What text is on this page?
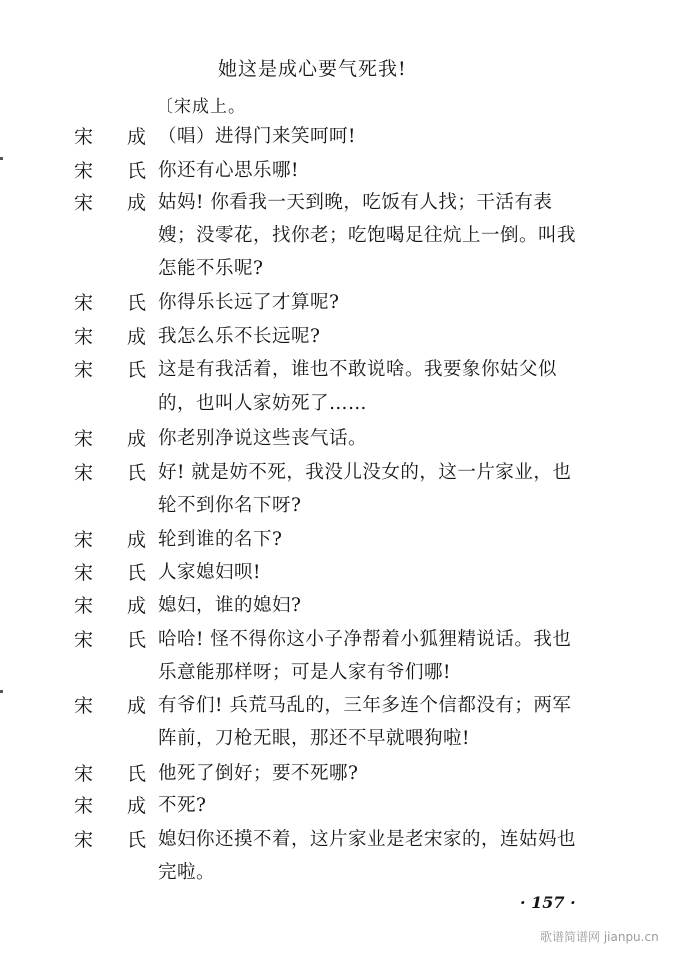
她这是成心要气死我!
〔宋成上。
宋 成 （唱）进得门来笑呵呵!
宋 氏 你还有心思乐哪!
宋 成 姑妈! 你看我一天到晚，吃饭有人找；干活有表
嫂；没零花，找你老；吃饱喝足往炕上一倒。叫我
怎能不乐呢?
宋 氏 你得乐长远了才算呢?
宋 成 我怎么乐不长远呢?
宋 氏 这是有我活着，谁也不敢说啥。我要象你姑父似
的，也叫人家妨死了……
宋 成 你老别净说这些丧气话。
宋 氏 好! 就是妨不死，我没儿没女的，这一片家业，也
轮不到你名下呀?
宋 成 轮到谁的名下?
宋 氏 人家媳妇呗!
宋 成 媳妇，谁的媳妇?
宋 氏 哈哈! 怪不得你这小子净帮着小狐狸精说话。我也
乐意能那样呀；可是人家有爷们哪!
宋 成 有爷们! 兵荒马乱的，三年多连个信都没有；两军
阵前，刀枪无眼，那还不早就喂狗啦!
宋 氏 他死了倒好；要不死哪?
宋 成 不死?
宋 氏 媳妇你还摸不着，这片家业是老宋家的，连姑妈也
完啦。
· 157 ·
歌谱简谱网 jianpu.cn
